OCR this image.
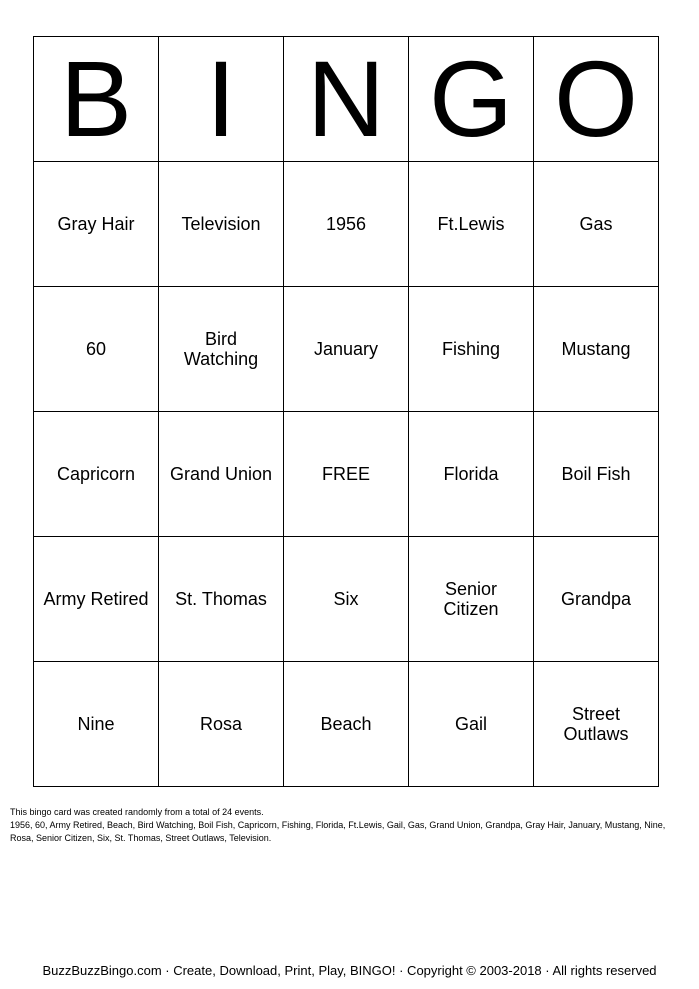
B	I	N	G	O
Gray Hair	Television	1956	Ft.Lewis	Gas
60	Bird Watching	January	Fishing	Mustang
Capricorn	Grand Union	FREE	Florida	Boil Fish
Army Retired	St. Thomas	Six	Senior Citizen	Grandpa
Nine	Rosa	Beach	Gail	Street Outlaws

This bingo card was created randomly from a total of 24 events.

1956, 60, Army Retired, Beach, Bird Watching, Boil Fish, Capricorn, Fishing, Florida, Ft.Lewis, Gail, Gas, Grand Union, Grandpa, Gray Hair, January, Mustang, Nine, Rosa, Senior Citizen, Six, St. Thomas, Street Outlaws, Television.

BuzzBuzzBingo.com · Create, Download, Print, Play, BINGO! · Copyright © 2003-2018 · All rights reserved
